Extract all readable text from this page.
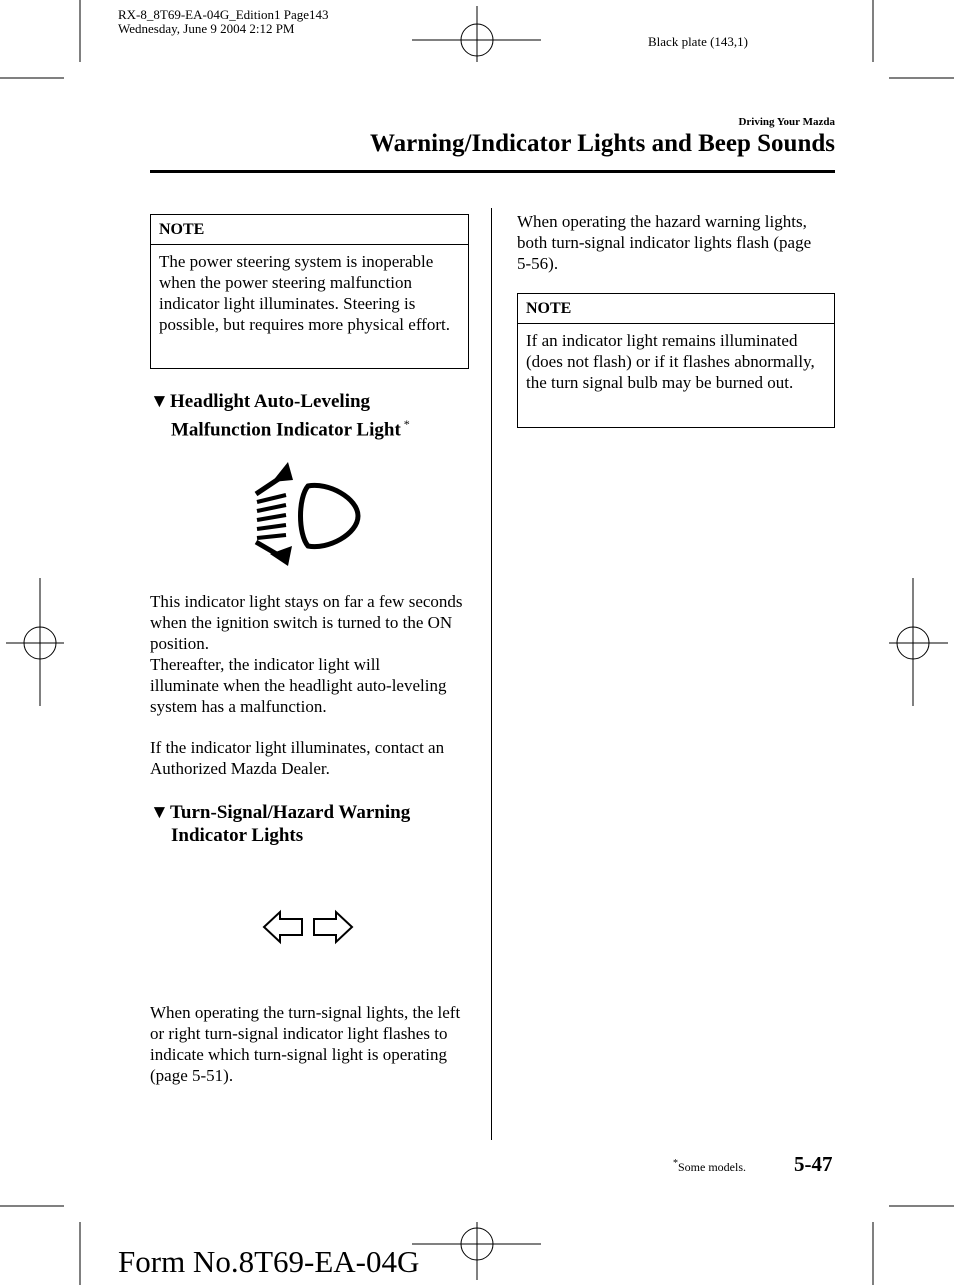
RX-8_8T69-EA-04G_Edition1 Page143
Wednesday, June 9 2004 2:12 PM
Black plate (143,1)
Driving Your Mazda
Warning/Indicator Lights and Beep Sounds
NOTE
The power steering system is inoperable when the power steering malfunction indicator light illuminates. Steering is possible, but requires more physical effort.
▼Headlight Auto-Leveling
Malfunction Indicator Light *
This indicator light stays on far a few seconds when the ignition switch is turned to the ON position.
Thereafter, the indicator light will illuminate when the headlight auto-leveling system has a malfunction.
If the indicator light illuminates, contact an Authorized Mazda Dealer.
▼Turn-Signal/Hazard Warning
Indicator Lights
When operating the turn-signal lights, the left or right turn-signal indicator light flashes to indicate which turn-signal light is operating (page 5-51).
When operating the hazard warning lights, both turn-signal indicator lights flash (page 5-56).
NOTE
If an indicator light remains illuminated (does not flash) or if it flashes abnormally, the turn signal bulb may be burned out.
*Some models. 5-47
Form No.8T69-EA-04G
